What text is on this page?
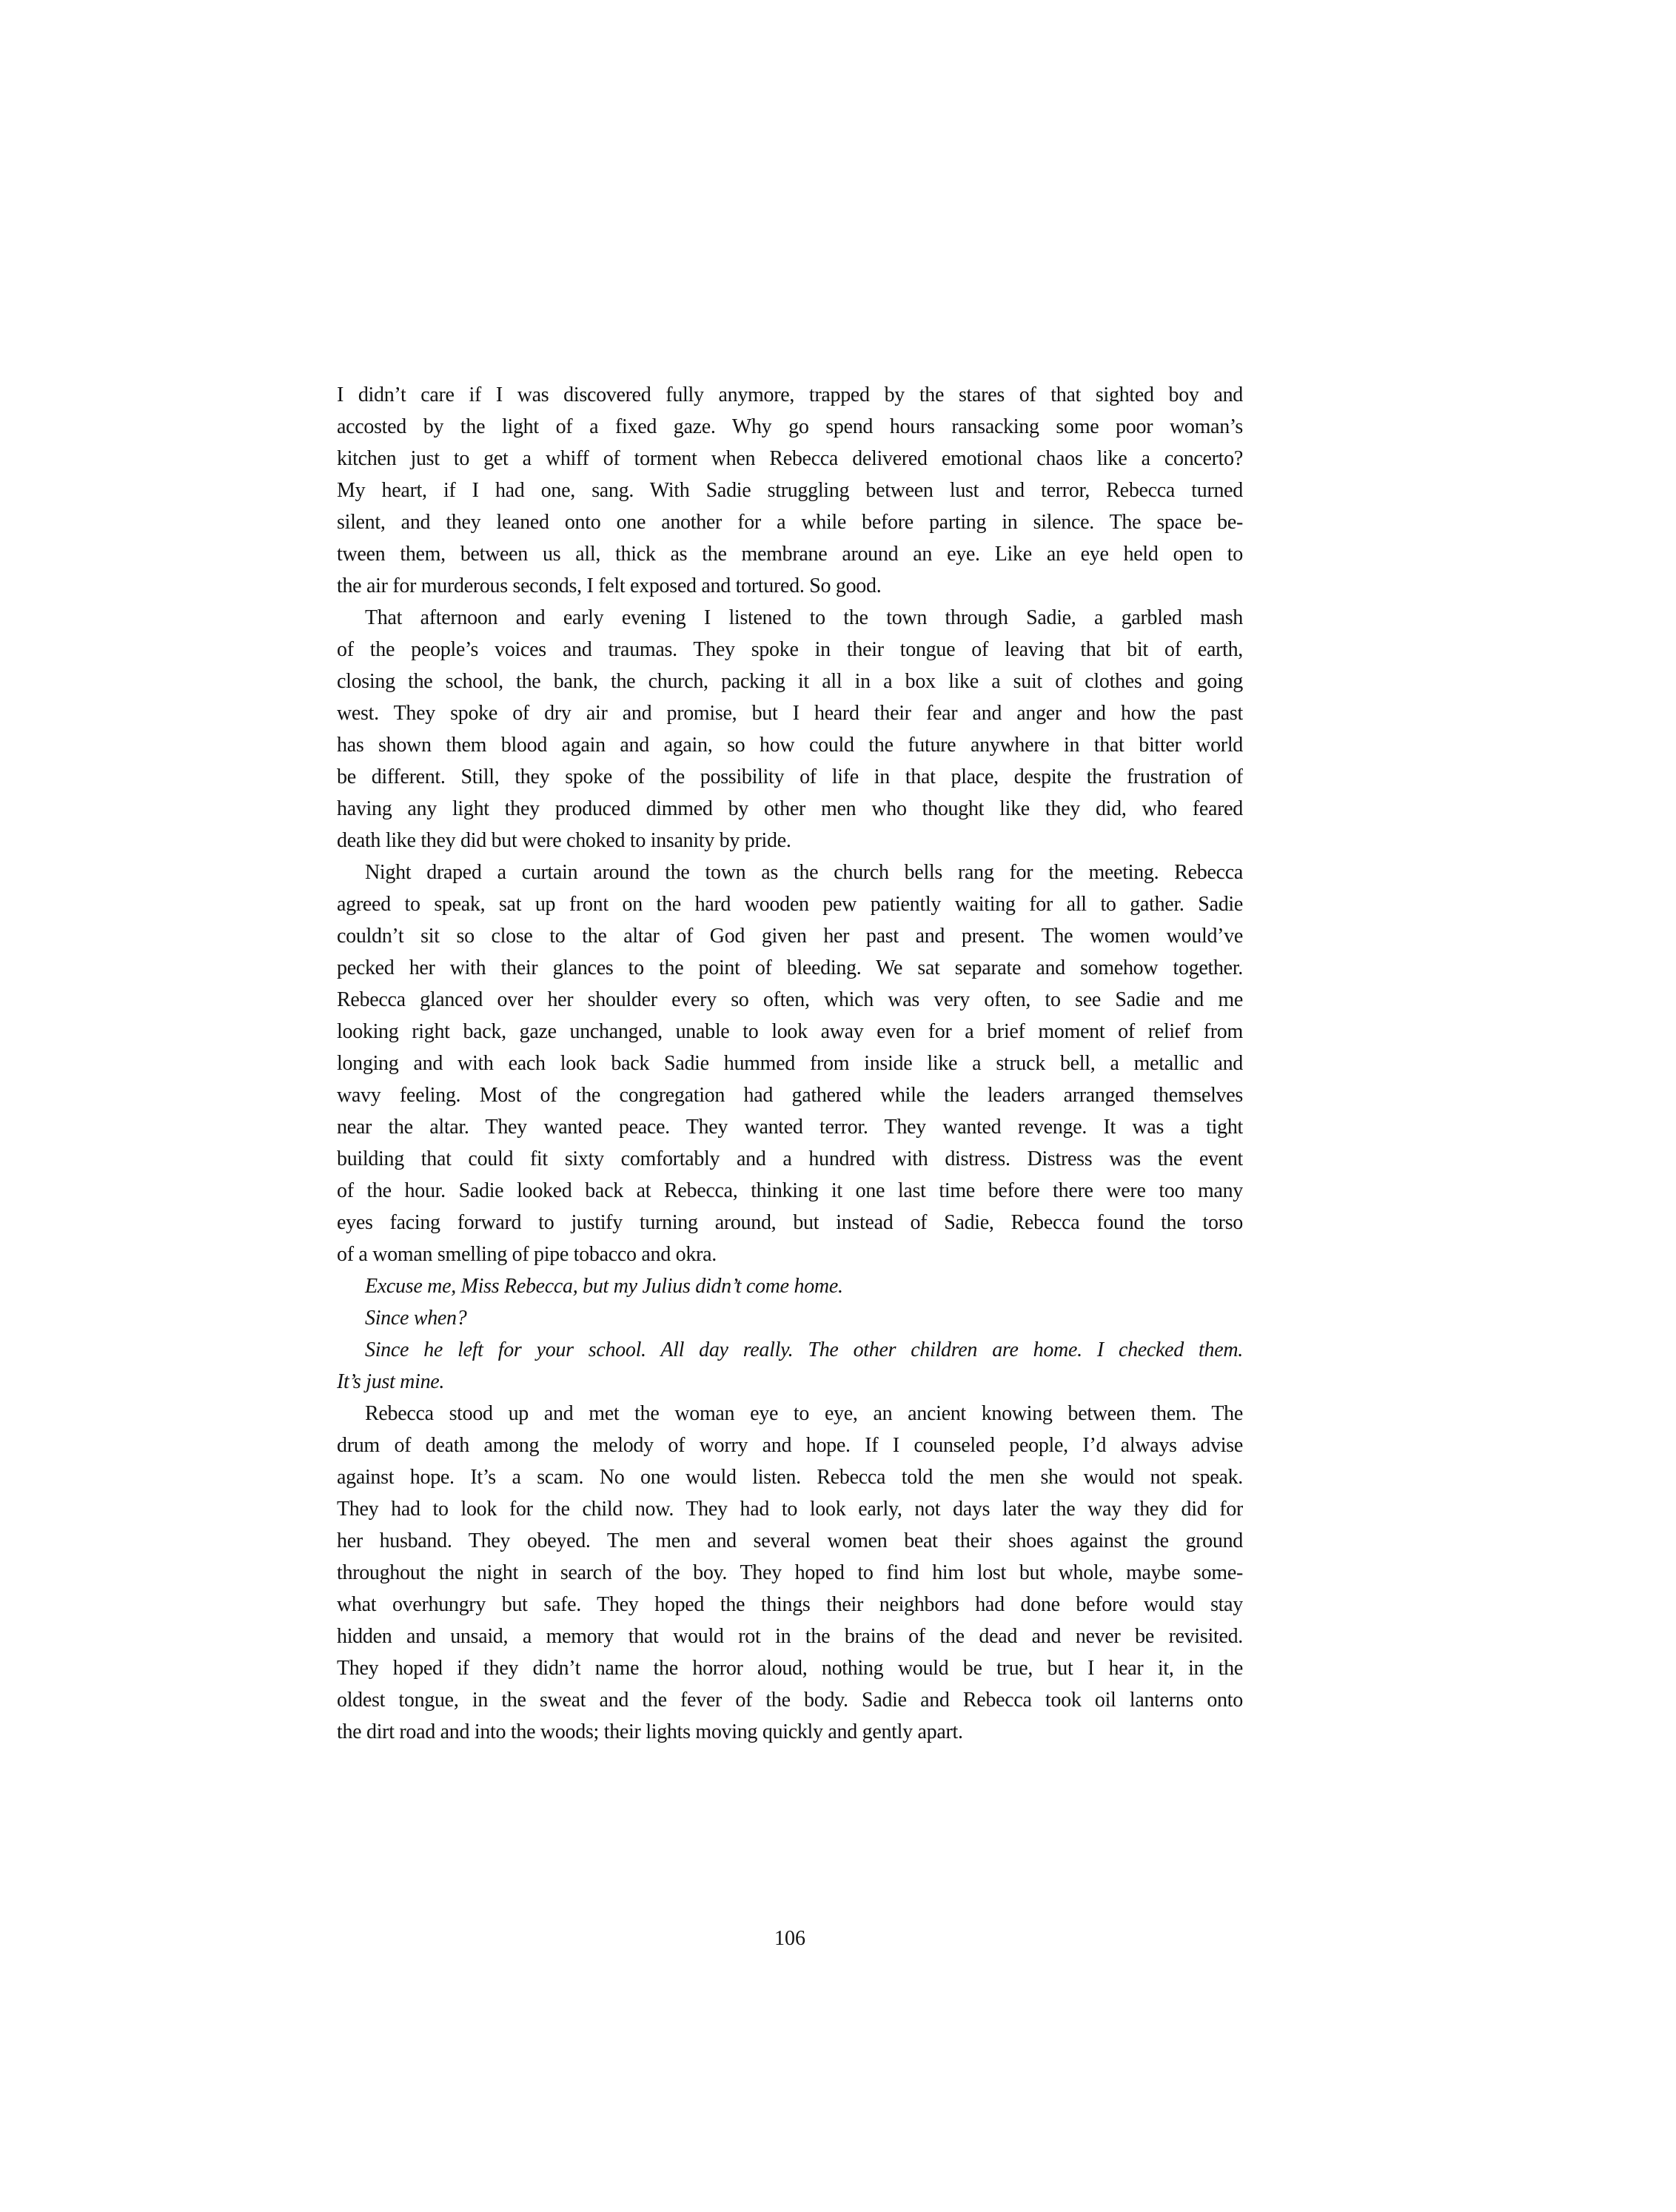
I didn’t care if I was discovered fully anymore, trapped by the stares of that sighted boy and
accosted by the light of a fixed gaze. Why go spend hours ransacking some poor woman’s
kitchen just to get a whiff of torment when Rebecca delivered emotional chaos like a concerto?
My heart, if I had one, sang. With Sadie struggling between lust and terror, Rebecca turned
silent, and they leaned onto one another for a while before parting in silence. The space be-
tween them, between us all, thick as the membrane around an eye. Like an eye held open to
the air for murderous seconds, I felt exposed and tortured. So good.
That afternoon and early evening I listened to the town through Sadie, a garbled mash
of the people’s voices and traumas. They spoke in their tongue of leaving that bit of earth,
closing the school, the bank, the church, packing it all in a box like a suit of clothes and going
west. They spoke of dry air and promise, but I heard their fear and anger and how the past
has shown them blood again and again, so how could the future anywhere in that bitter world
be different. Still, they spoke of the possibility of life in that place, despite the frustration of
having any light they produced dimmed by other men who thought like they did, who feared
death like they did but were choked to insanity by pride.
Night draped a curtain around the town as the church bells rang for the meeting. Rebecca
agreed to speak, sat up front on the hard wooden pew patiently waiting for all to gather. Sadie
couldn’t sit so close to the altar of God given her past and present. The women would’ve
pecked her with their glances to the point of bleeding. We sat separate and somehow together.
Rebecca glanced over her shoulder every so often, which was very often, to see Sadie and me
looking right back, gaze unchanged, unable to look away even for a brief moment of relief from
longing and with each look back Sadie hummed from inside like a struck bell, a metallic and
wavy feeling. Most of the congregation had gathered while the leaders arranged themselves
near the altar. They wanted peace. They wanted terror. They wanted revenge. It was a tight
building that could fit sixty comfortably and a hundred with distress. Distress was the event
of the hour. Sadie looked back at Rebecca, thinking it one last time before there were too many
eyes facing forward to justify turning around, but instead of Sadie, Rebecca found the torso
of a woman smelling of pipe tobacco and okra.
Excuse me, Miss Rebecca, but my Julius didn’t come home.
Since when?
Since he left for your school. All day really. The other children are home. I checked them.
It’s just mine.
Rebecca stood up and met the woman eye to eye, an ancient knowing between them. The
drum of death among the melody of worry and hope. If I counseled people, I’d always advise
against hope. It’s a scam. No one would listen. Rebecca told the men she would not speak.
They had to look for the child now. They had to look early, not days later the way they did for
her husband. They obeyed. The men and several women beat their shoes against the ground
throughout the night in search of the boy. They hoped to find him lost but whole, maybe some-
what overhungry but safe. They hoped the things their neighbors had done before would stay
hidden and unsaid, a memory that would rot in the brains of the dead and never be revisited.
They hoped if they didn’t name the horror aloud, nothing would be true, but I hear it, in the
oldest tongue, in the sweat and the fever of the body. Sadie and Rebecca took oil lanterns onto
the dirt road and into the woods; their lights moving quickly and gently apart.
106
